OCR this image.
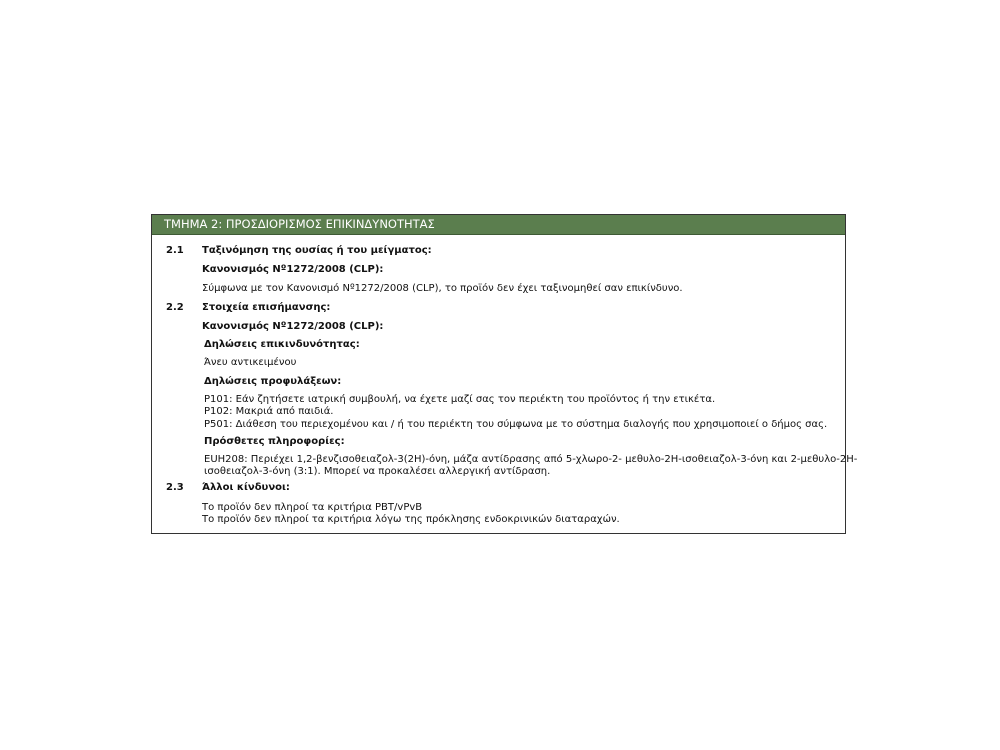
ΤΜΗΜΑ 2: ΠΡΟΣΔΙΟΡΙΣΜΟΣ ΕΠΙΚΙΝΔΥΝΟΤΗΤΑΣ
2.1 Ταξινόμηση της ουσίας ή του μείγματος:
Κανονισμός Nº1272/2008 (CLP):
Σύμφωνα με τον Κανονισμό Nº1272/2008 (CLP), το προϊόν δεν έχει ταξινομηθεί σαν επικίνδυνο.
2.2 Στοιχεία επισήμανσης:
Κανονισμός Nº1272/2008 (CLP):
Δηλώσεις επικινδυνότητας:
Άνευ αντικειμένου
Δηλώσεις προφυλάξεων:
P101: Εάν ζητήσετε ιατρική συμβουλή, να έχετε μαζί σας τον περιέκτη του προϊόντος ή την ετικέτα.
P102: Μακριά από παιδιά.
P501: Διάθεση του περιεχομένου και / ή του περιέκτη του σύμφωνα με το σύστημα διαλογής που χρησιμοποιεί ο δήμος σας.
Πρόσθετες πληροφορίες:
EUH208: Περιέχει 1,2-βενζισοθειαζολ-3(2Η)-όνη, μάζα αντίδρασης από 5-χλωρο-2- μεθυλο-2Η-ισοθειαζολ-3-όνη και 2-μεθυλο-2Η-
ισοθειαζολ-3-όνη (3:1). Μπορεί να προκαλέσει αλλεργική αντίδραση.
2.3 Άλλοι κίνδυνοι:
Το προϊόν δεν πληροί τα κριτήρια PBT/vPvB
Το προϊόν δεν πληροί τα κριτήρια λόγω της πρόκλησης ενδοκρινικών διαταραχών.
